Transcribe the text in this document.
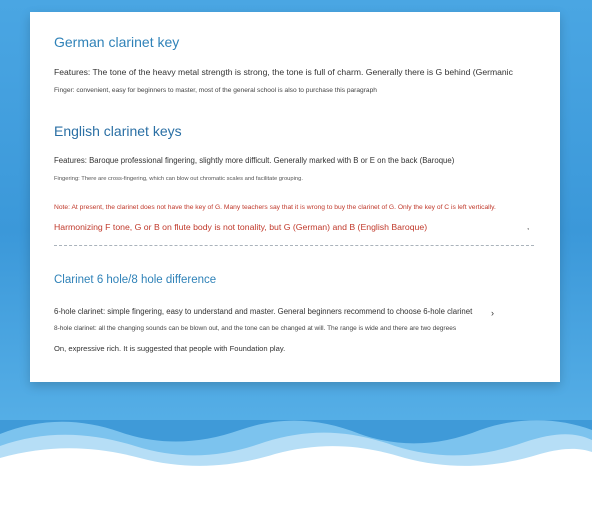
German clarinet key

Features: The tone of the heavy metal strength is strong, the tone is full of charm. Generally there is G behind (Germanic

Finger: convenient, easy for beginners to master, most of the general school is also to purchase this paragraph

English clarinet keys

Features: Baroque professional fingering, slightly more difficult. Generally marked with B or E on the back (Baroque)

Fingering: There are cross-fingering, which can blow out chromatic scales and facilitate grouping.

Note: At present, the clarinet does not have the key of G. Many teachers say that it is wrong to buy the clarinet of G. Only the key of C is left vertically.

Harmonizing F tone, G or B on flute body is not tonality, but G (German) and B (English Baroque)	,
Clarinet 6 hole/8 hole difference

6-hole clarinet: simple fingering, easy to understand and master. General beginners recommend to choose 6-hole clarinet ›

8-hole clarinet: all the changing sounds can be blown out, and the tone can be changed at will. The range is wide and there are two degrees

On, expressive rich. It is suggested that people with Foundation play.
